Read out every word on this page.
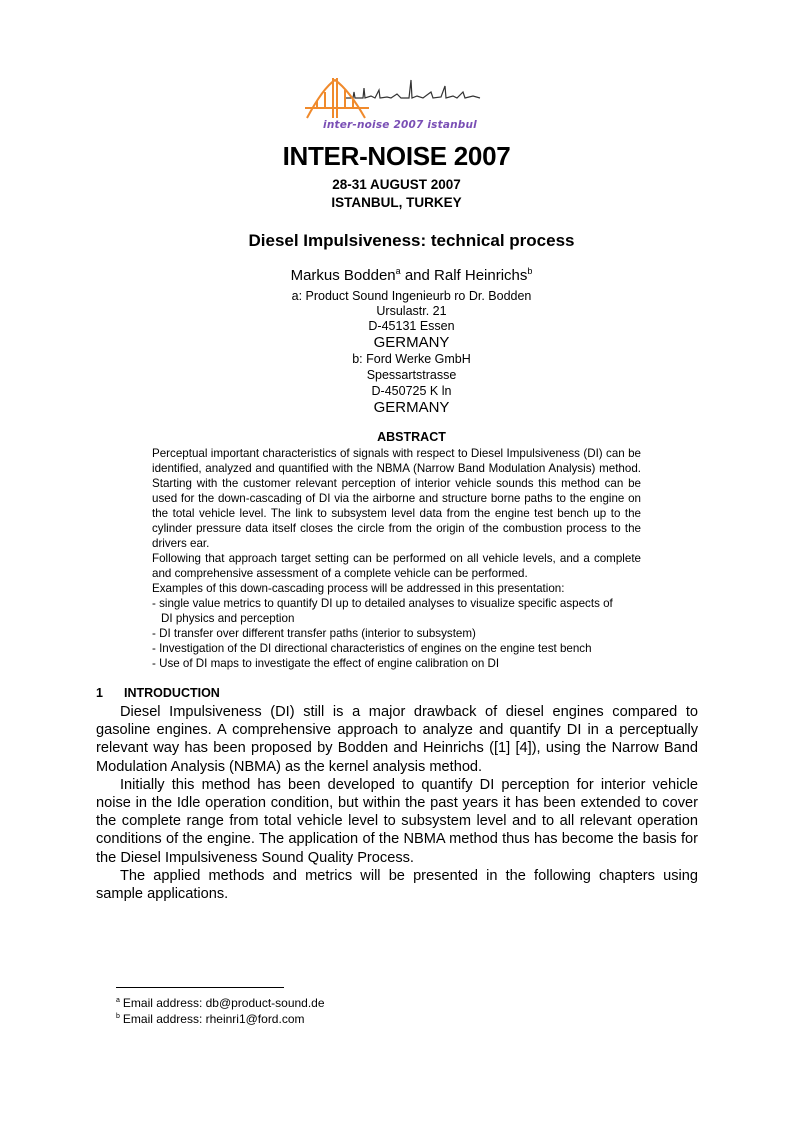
inter-noise 2007 istanbul
INTER-NOISE 2007
28-31 AUGUST 2007
ISTANBUL, TURKEY
Diesel Impulsiveness: technical process
Markus Bodden$^a$ and Ralf Heinrichs$^b$
a: Product Sound Ingenieurb ro Dr. Bodden
Ursulastr. 21
D-45131 Essen
GERMANY
b: Ford Werke GmbH
Spessartstrasse
D-450725 K ln
GERMANY
ABSTRACT

Perceptual important characteristics of signals with respect to Diesel Impulsiveness (DI) can be identified, analyzed and quantified with the NBMA (Narrow Band Modulation Analysis) method. Starting with the customer relevant perception of interior vehicle sounds this method can be used for the down-cascading of DI via the airborne and structure borne paths to the engine on the total vehicle level. The link to subsystem level data from the engine test bench up to the cylinder pressure data itself closes the circle from the origin of the combustion process to the drivers ear.

Following that approach target setting can be performed on all vehicle levels, and a complete and comprehensive assessment of a complete vehicle can be performed.

Examples of this down-cascading process will be addressed in this presentation:

- single value metrics to quantify DI up to detailed analyses to visualize specific aspects of

DI physics and perception

- DI transfer over different transfer paths (interior to subsystem)

- Investigation of the DI directional characteristics of engines on the engine test bench

- Use of DI maps to investigate the effect of engine calibration on DI

1 INTRODUCTION

Diesel Impulsiveness (DI) still is a major drawback of diesel engines compared to gasoline engines. A comprehensive approach to analyze and quantify DI in a perceptually relevant way has been proposed by Bodden and Heinrichs ([1] [4]), using the Narrow Band Modulation Analysis (NBMA) as the kernel analysis method.

Initially this method has been developed to quantify DI perception for interior vehicle noise in the Idle operation condition, but within the past years it has been extended to cover the complete range from total vehicle level to subsystem level and to all relevant operation conditions of the engine. The application of the NBMA method thus has become the basis for the Diesel Impulsiveness Sound Quality Process.

The applied methods and metrics will be presented in the following chapters using sample applications.

$^a$ Email address: db@product-sound.de
$^b$ Email address: rheinri1@ford.com
